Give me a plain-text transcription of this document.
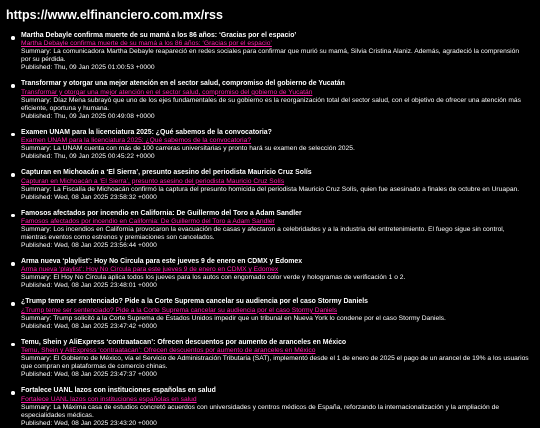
https://www.elfinanciero.com.mx/rss
Martha Debayle confirma muerte de su mamá a los 86 años: ‘Gracias por el espacio’
Martha Debayle confirma muerte de su mamá a los 86 años: ‘Gracias por el espacio’
Summary: La comunicadora Martha Debayle reapareció en redes sociales para confirmar que murió su mamá, Silvia Cristina Alaniz. Además, agradeció la comprensión por su pérdida.
Published: Thu, 09 Jan 2025 01:00:53 +0000
Transformar y otorgar una mejor atención en el sector salud, compromiso del gobierno de Yucatán
Transformar y otorgar una mejor atención en el sector salud, compromiso del gobierno de Yucatán
Summary: Díaz Mena subrayó que uno de los ejes fundamentales de su gobierno es la reorganización total del sector salud, con el objetivo de ofrecer una atención más eficiente, oportuna y humana.
Published: Thu, 09 Jan 2025 00:49:08 +0000
Examen UNAM para la licenciatura 2025: ¿Qué sabemos de la convocatoria?
Examen UNAM para la licenciatura 2025: ¿Qué sabemos de la convocatoria?
Summary: La UNAM cuenta con más de 100 carreras universitarias y pronto hará su examen de selección 2025.
Published: Thu, 09 Jan 2025 00:45:22 +0000
Capturan en Michoacán a ‘El Sierra’, presunto asesino del periodista Mauricio Cruz Solís
Capturan en Michoacán a ‘El Sierra’, presunto asesino del periodista Mauricio Cruz Solís
Summary: La Fiscalía de Michoacán confirmó la captura del presunto homicida del periodista Mauricio Cruz Solís, quien fue asesinado a finales de octubre en Uruapan.
Published: Wed, 08 Jan 2025 23:58:32 +0000
Famosos afectados por incendio en California: De Guillermo del Toro a Adam Sandler
Famosos afectados por incendio en California: De Guillermo del Toro a Adam Sandler
Summary: Los incendios en California provocaron la evacuación de casas y afectaron a celebridades y a la industria del entretenimiento. El fuego sigue sin control, mientras eventos como estrenos y premiaciones son cancelados.
Published: Wed, 08 Jan 2025 23:56:44 +0000
Arma nueva ‘playlist’: Hoy No Circula para este jueves 9 de enero en CDMX y Edomex
Arma nueva ‘playlist’: Hoy No Circula para este jueves 9 de enero en CDMX y Edomex
Summary: El Hoy No Circula aplica todos los jueves para los autos con engomado color verde y hologramas de verificación 1 o 2.
Published: Wed, 08 Jan 2025 23:48:01 +0000
¿Trump teme ser sentenciado? Pide a la Corte Suprema cancelar su audiencia por el caso Stormy Daniels
¿Trump teme ser sentenciado? Pide a la Corte Suprema cancelar su audiencia por el caso Stormy Daniels
Summary: Trump solicitó a la Corte Suprema de Estados Unidos impedir que un tribunal en Nueva York lo condene por el caso Stormy Daniels.
Published: Wed, 08 Jan 2025 23:47:42 +0000
Temu, Shein y AliExpress ‘contraatacan’: Ofrecen descuentos por aumento de aranceles en México
Temu, Shein y AliExpress ‘contraatacan’: Ofrecen descuentos por aumento de aranceles en México
Summary: El Gobierno de México, vía el Servicio de Administración Tributaria (SAT), implementó desde el 1 de enero de 2025 el pago de un arancel de 19% a los usuarios que compran en plataformas de comercio chinas.
Published: Wed, 08 Jan 2025 23:47:37 +0000
Fortalece UANL lazos con instituciones españolas en salud
Fortalece UANL lazos con instituciones españolas en salud
Summary: La Máxima casa de estudios concretó acuerdos con universidades y centros médicos de España, reforzando la internacionalización y la ampliación de especialidades médicas.
Published: Wed, 08 Jan 2025 23:43:20 +0000
